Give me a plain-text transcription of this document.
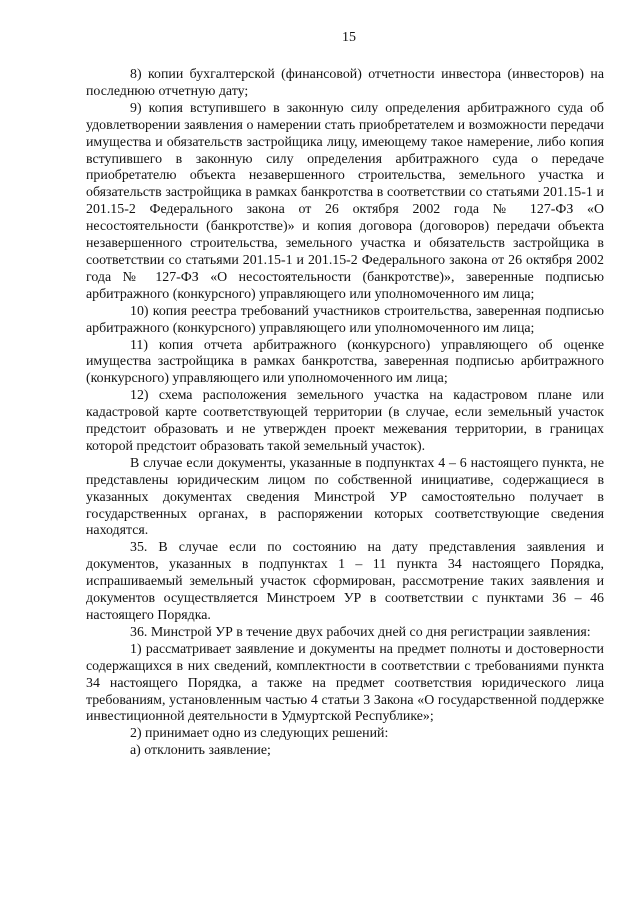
15

8) копии бухгалтерской (финансовой) отчетности инвестора (инвесторов) на последнюю отчетную дату;

9) копия вступившего в законную силу определения арбитражного суда об удовлетворении заявления о намерении стать приобретателем и возможности передачи имущества и обязательств застройщика лицу, имеющему такое намерение, либо копия вступившего в законную силу определения арбитражного суда о передаче приобретателю объекта незавершенного строительства, земельного участка и обязательств застройщика в рамках банкротства в соответствии со статьями 201.15-1 и 201.15-2 Федерального закона от 26 октября 2002 года № 127-ФЗ «О несостоятельности (банкротстве)» и копия договора (договоров) передачи объекта незавершенного строительства, земельного участка и обязательств застройщика в соответствии со статьями 201.15-1 и 201.15-2 Федерального закона от 26 октября 2002 года № 127-ФЗ «О несостоятельности (банкротстве)», заверенные подписью арбитражного (конкурсного) управляющего или уполномоченного им лица;

10) копия реестра требований участников строительства, заверенная подписью арбитражного (конкурсного) управляющего или уполномоченного им лица;

11) копия отчета арбитражного (конкурсного) управляющего об оценке имущества застройщика в рамках банкротства, заверенная подписью арбитражного (конкурсного) управляющего или уполномоченного им лица;

12) схема расположения земельного участка на кадастровом плане или кадастровой карте соответствующей территории (в случае, если земельный участок предстоит образовать и не утвержден проект межевания территории, в границах которой предстоит образовать такой земельный участок).

В случае если документы, указанные в подпунктах 4 – 6 настоящего пункта, не представлены юридическим лицом по собственной инициативе, содержащиеся в указанных документах сведения Минстрой УР самостоятельно получает в государственных органах, в распоряжении которых соответствующие сведения находятся.

35. В случае если по состоянию на дату представления заявления и документов, указанных в подпунктах 1 – 11 пункта 34 настоящего Порядка, испрашиваемый земельный участок сформирован, рассмотрение таких заявления и документов осуществляется Минстроем УР в соответствии с пунктами 36 – 46 настоящего Порядка.

36. Минстрой УР в течение двух рабочих дней со дня регистрации заявления:

1) рассматривает заявление и документы на предмет полноты и достоверности содержащихся в них сведений, комплектности в соответствии с требованиями пункта 34 настоящего Порядка, а также на предмет соответствия юридического лица требованиям, установленным частью 4 статьи 3 Закона «О государственной поддержке инвестиционной деятельности в Удмуртской Республике»;

2) принимает одно из следующих решений:

а) отклонить заявление;
